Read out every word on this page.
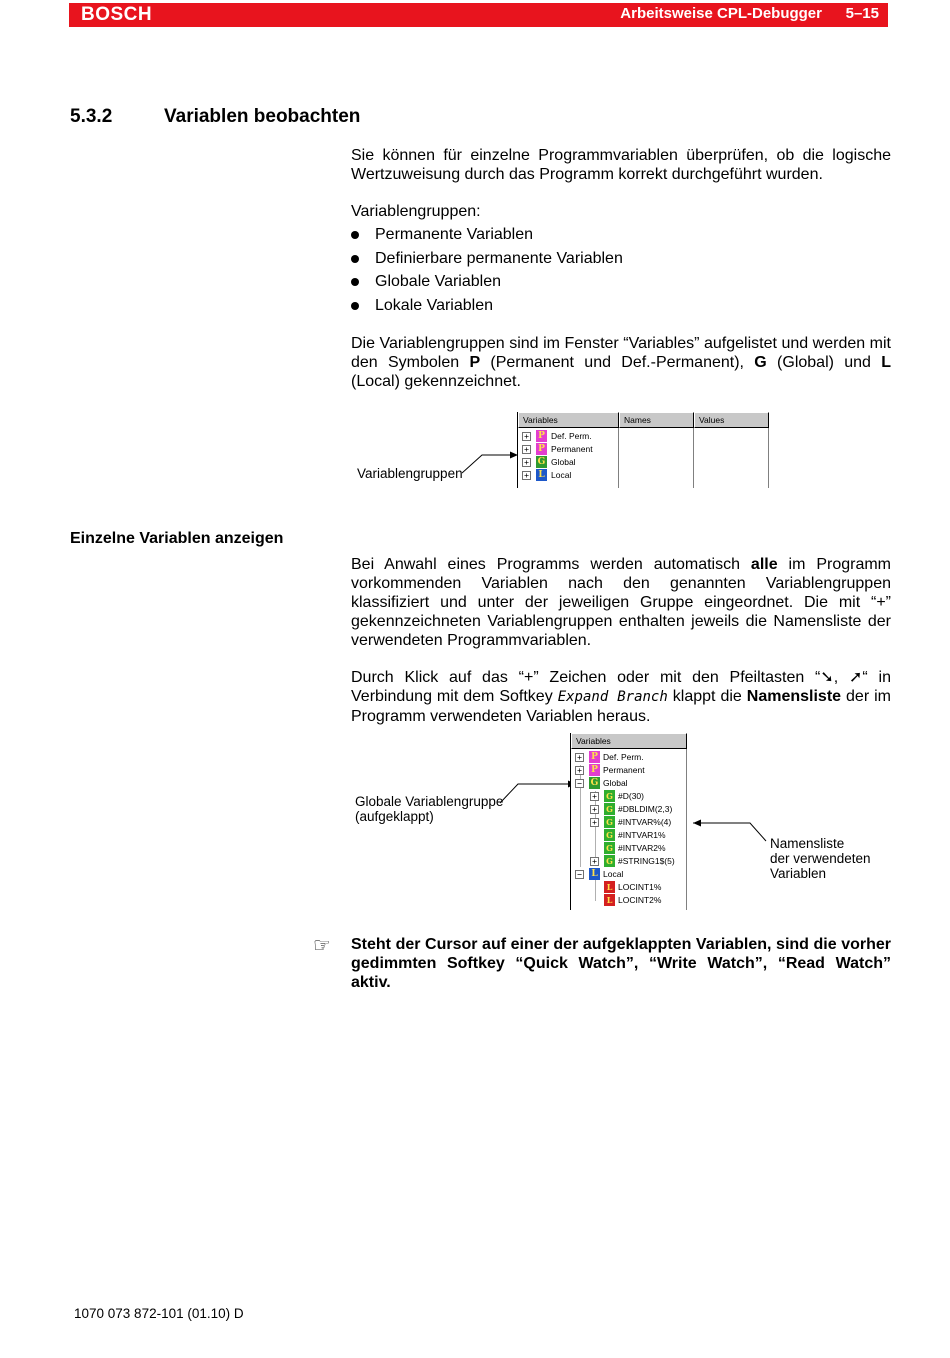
BOSCH	Arbeitsweise CPL-Debugger 5–15
5.3.2	Variablen beobachten
Sie können für einzelne Programmvariablen überprüfen, ob die logische Wertzuweisung durch das Programm korrekt durchgeführt wurden.
Variablengruppen:
Permanente Variablen
Definierbare permanente Variablen
Globale Variablen
Lokale Variablen
Die Variablengruppen sind im Fenster “Variables” aufgelistet und werden mit den Symbolen P (Permanent und Def.-Permanent), G (Global) und L (Local) gekennzeichnet.
Variablengruppen
Variables	Names	Values
+ P Def. Perm.
+ P Permanent
+ G Global
+ L Local
Einzelne Variablen anzeigen
Bei Anwahl eines Programms werden automatisch alle im Programm vorkommenden Variablen nach den genannten Variablengruppen klassifiziert und unter der jeweiligen Gruppe eingeordnet. Die mit “+” gekennzeichneten Variablengruppen enthalten jeweils die Namensliste der verwendeten Programmvariablen.
Durch Klick auf das “+” Zeichen oder mit den Pfeiltasten “➘, ➚“ in Verbindung mit dem Softkey Expand Branch klappt die Namensliste der im Programm verwendeten Variablen heraus.
Globale Variablengruppe
(aufgeklappt)
Namensliste
der verwendeten
Variablen
Variables
+ P Def. Perm.
+ P Permanent
− G Global
+ G #D(30)
+ G #DBLDIM(2,3)
+ G #INTVAR%(4)
G #INTVAR1%
G #INTVAR2%
+ G #STRING1$(5)
− L Local
L LOCINT1%
L LOCINT2%
☞ Steht der Cursor auf einer der aufgeklappten Variablen, sind die vorher gedimmten Softkey “Quick Watch”, “Write Watch”, “Read Watch” aktiv.
1070 073 872-101 (01.10) D
